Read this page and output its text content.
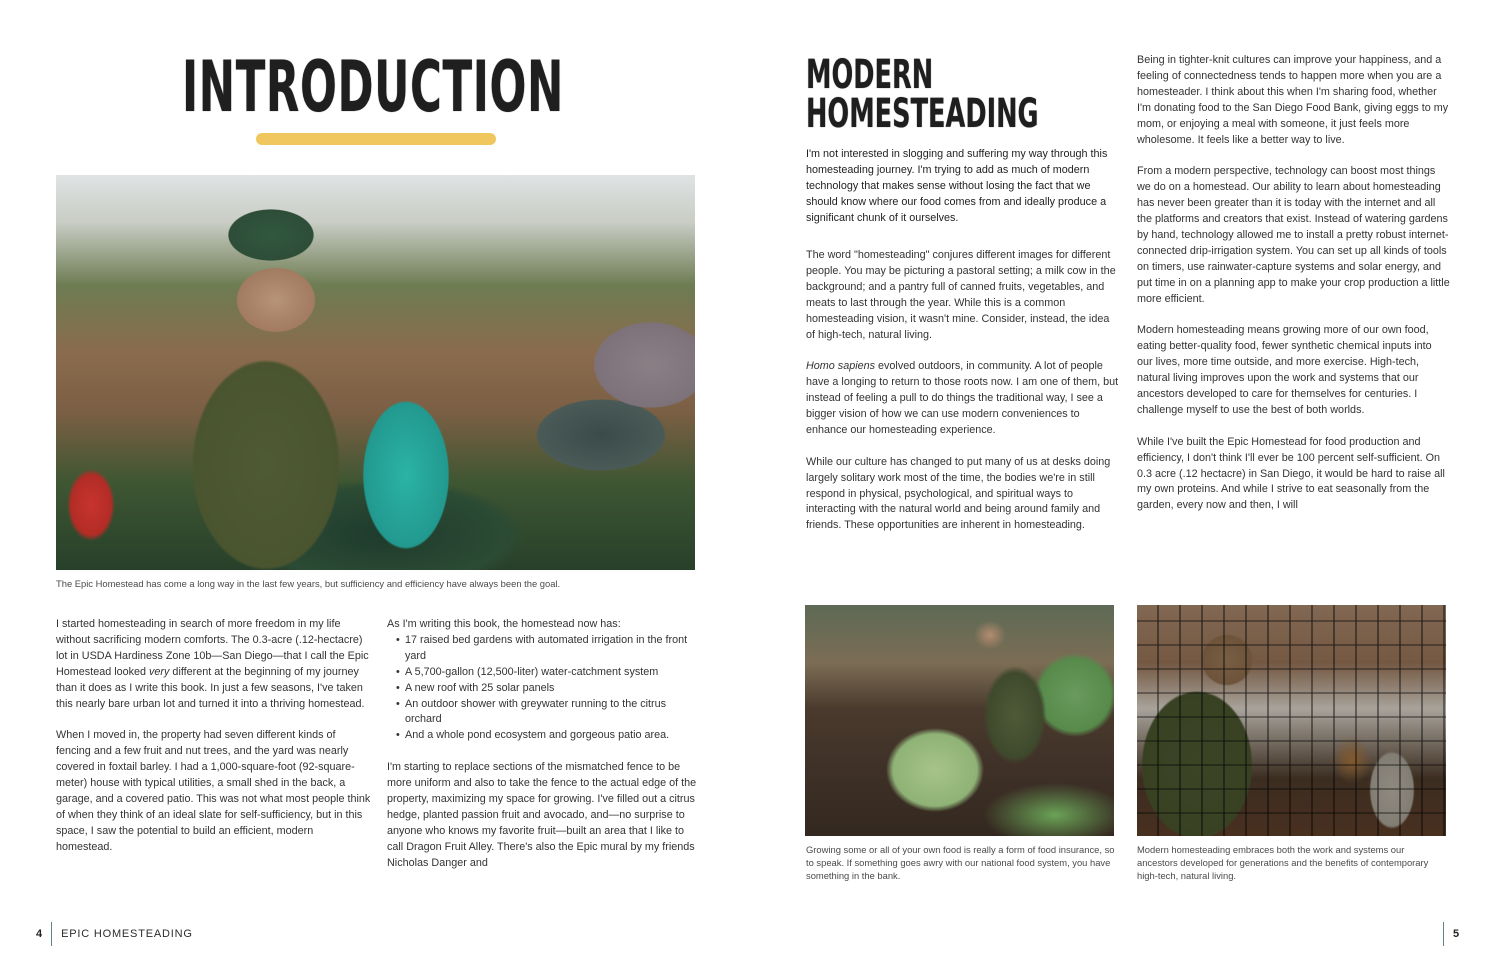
INTRODUCTION
The Epic Homestead has come a long way in the last few years, but sufficiency and efficiency have always been the goal.

I started homesteading in search of more freedom in my life without sacrificing modern comforts. The 0.3-acre (.12-hectacre) lot in USDA Hardiness Zone 10b—San Diego—that I call the Epic Homestead looked very different at the beginning of my journey than it does as I write this book. In just a few seasons, I've taken this nearly bare urban lot and turned it into a thriving homestead.

When I moved in, the property had seven different kinds of fencing and a few fruit and nut trees, and the yard was nearly covered in foxtail barley. I had a 1,000-square-foot (92-square-meter) house with typical utilities, a small shed in the back, a garage, and a covered patio. This was not what most people think of when they think of an ideal slate for self-sufficiency, but in this space, I saw the potential to build an efficient, modern homestead.

As I'm writing this book, the homestead now has:
• 17 raised bed gardens with automated irrigation in the front yard
• A 5,700-gallon (12,500-liter) water-catchment system
• A new roof with 25 solar panels
• An outdoor shower with greywater running to the citrus orchard
• And a whole pond ecosystem and gorgeous patio area.

I'm starting to replace sections of the mismatched fence to be more uniform and also to take the fence to the actual edge of the property, maximizing my space for growing. I've filled out a citrus hedge, planted passion fruit and avocado, and—no surprise to anyone who knows my favorite fruit—built an area that I like to call Dragon Fruit Alley. There's also the Epic mural by my friends Nicholas Danger and

4 EPIC HOMESTEADING
MODERN
HOMESTEADING
I'm not interested in slogging and suffering my way through this homesteading journey. I'm trying to add as much of modern technology that makes sense without losing the fact that we should know where our food comes from and ideally produce a significant chunk of it ourselves.

The word "homesteading" conjures different images for different people. You may be picturing a pastoral setting; a milk cow in the background; and a pantry full of canned fruits, vegetables, and meats to last through the year. While this is a common homesteading vision, it wasn't mine. Consider, instead, the idea of high-tech, natural living.

Homo sapiens evolved outdoors, in community. A lot of people have a longing to return to those roots now. I am one of them, but instead of feeling a pull to do things the traditional way, I see a bigger vision of how we can use modern conveniences to enhance our homesteading experience.

While our culture has changed to put many of us at desks doing largely solitary work most of the time, the bodies we're in still respond in physical, psychological, and spiritual ways to interacting with the natural world and being around family and friends. These opportunities are inherent in homesteading.

Being in tighter-knit cultures can improve your happiness, and a feeling of connectedness tends to happen more when you are a homesteader. I think about this when I'm sharing food, whether I'm donating food to the San Diego Food Bank, giving eggs to my mom, or enjoying a meal with someone, it just feels more wholesome. It feels like a better way to live.

From a modern perspective, technology can boost most things we do on a homestead. Our ability to learn about homesteading has never been greater than it is today with the internet and all the platforms and creators that exist. Instead of watering gardens by hand, technology allowed me to install a pretty robust internet-connected drip-irrigation system. You can set up all kinds of tools on timers, use rainwater-capture systems and solar energy, and put time in on a planning app to make your crop production a little more efficient.

Modern homesteading means growing more of our own food, eating better-quality food, fewer synthetic chemical inputs into our lives, more time outside, and more exercise. High-tech, natural living improves upon the work and systems that our ancestors developed to care for themselves for centuries. I challenge myself to use the best of both worlds.

While I've built the Epic Homestead for food production and efficiency, I don't think I'll ever be 100 percent self-sufficient. On 0.3 acre (.12 hectacre) in San Diego, it would be hard to raise all my own proteins. And while I strive to eat seasonally from the garden, every now and then, I will

Growing some or all of your own food is really a form of food insurance, so to speak. If something goes awry with our national food system, you have something in the bank.
Modern homesteading embraces both the work and systems our ancestors developed for generations and the benefits of contemporary high-tech, natural living.
5
